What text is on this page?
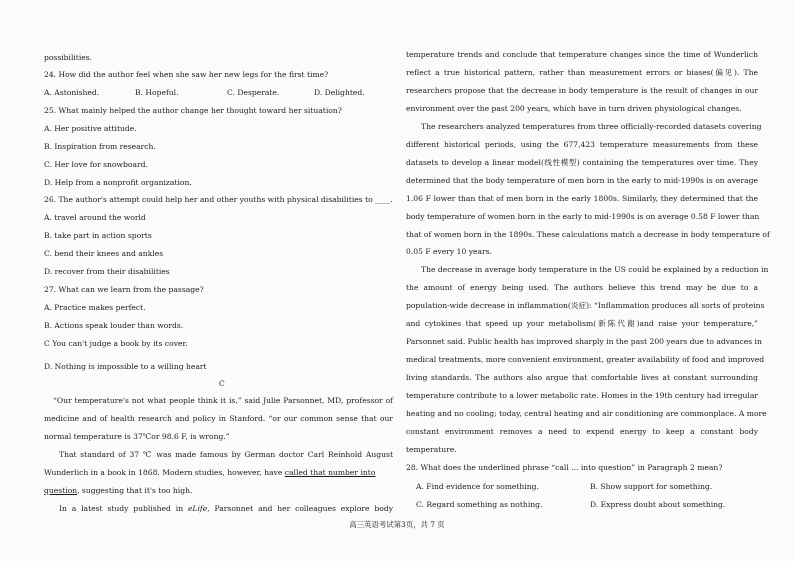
possibilities.
24. How did the author feel when she saw her new legs for the first time?
A. Astonished.	B. Hopeful.	C. Desperate.	D. Delighted.
25. What mainly helped the author change her thought toward her situation?
A. Her positive attitude.
B. Inspiration from research.
C. Her love for snowboard.
D. Help from a nonprofit organization.
26. The author's attempt could help her and other youths with physical disabilities to ____.
A. travel around the world
B. take part in action sports
C. bend their knees and ankles
D. recover from their disabilities
27. What can we learn from the passage?
A. Practice makes perfect.
B. Actions speak louder than words.
C You can't judge a book by its cover.
D. Nothing is impossible to a willing heart
C
“Our temperature's not what people think it is,” said Julie Parsonnet, MD, professor of
medicine and of health research and policy in Stanford. “or our common sense that our
normal temperature is 37℃or 98.6 F, is wrong.”
That standard of 37 ℃ was made famous by German doctor Carl Reinhold August
Wunderlich in a book in 1868. Modern studies, however, have called that number into
question, suggesting that it's too high.
In a latest study published in eLife, Parsonnet and her colleagues explore body
temperature trends and conclude that temperature changes since the time of Wunderlich
reflect a true historical pattern, rather than measurement errors or biases(偏见). The
researchers propose that the decrease in body temperature is the result of changes in our
environment over the past 200 years, which have in turn driven physiological changes.
The researchers analyzed temperatures from three officially-recorded datasets covering
different historical periods, using the 677,423 temperature measurements from these
datasets to develop a linear model(线性模型) containing the temperatures over time. They
determined that the body temperature of men born in the early to mid-1990s is on average
1.06 F lower than that of men born in the early 1800s. Similarly, they determined that the
body temperature of women born in the early to mid-1990s is on average 0.58 F lower than
that of women born in the 1890s. These calculations match a decrease in body temperature of
0.05 F every 10 years.
The decrease in average body temperature in the US could be explained by a reduction in
the amount of energy being used. The authors believe this trend may be due to a
population-wide decrease in inflammation(炎症): “Inflammation produces all sorts of proteins
and cytokines that speed up your metabolism(新陈代谢)and raise your temperature,”
Parsonnet said. Public health has improved sharply in the past 200 years due to advances in
medical treatments, more convenient environment, greater availability of food and improved
living standards. The authors also argue that comfortable lives at constant surrounding
temperature contribute to a lower metabolic rate. Homes in the 19th century had irregular
heating and no cooling; today, central heating and air conditioning are commonplace. A more
constant environment removes a need to expend energy to keep a constant body
temperature.
28. What does the underlined phrase “call ... into question” in Paragraph 2 mean?
A. Find evidence for something.	B. Show support for something.
C. Regard something as nothing.	D. Express doubt about something.
高三英语考试第3页，共 7 页
